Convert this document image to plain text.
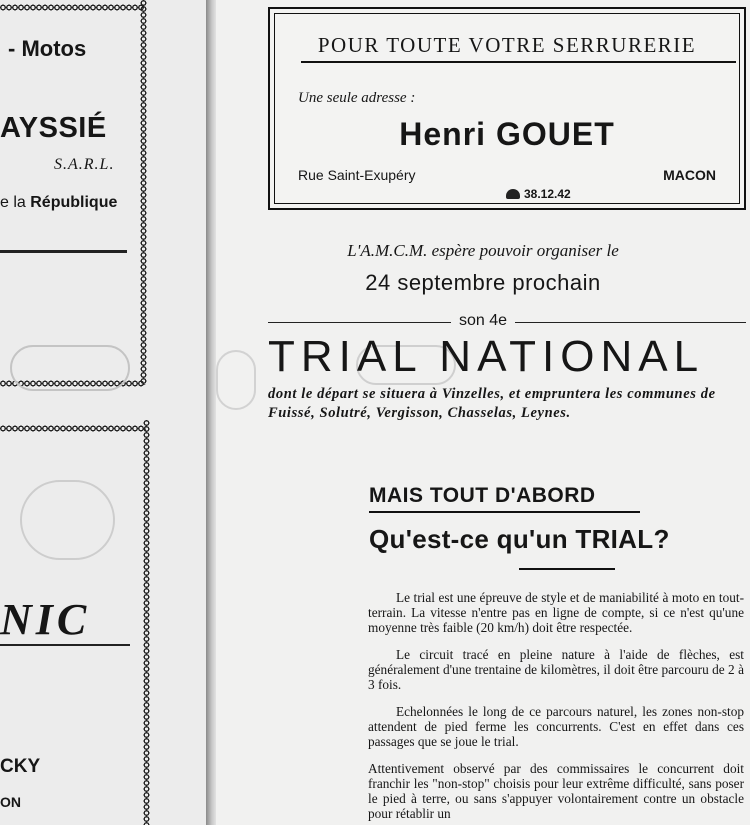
- Motos
AYSSIÉ
S.A.R.L.
e la République
NIC
CKY
ON
POUR TOUTE VOTRE SERRURERIE
Une seule adresse :
Henri GOUET
Rue Saint-Exupéry	MACON
38.12.42
L'A.M.C.M. espère pouvoir organiser le
24 septembre prochain
son 4e
TRIAL NATIONAL
dont le départ se situera à Vinzelles, et empruntera les communes de Fuissé, Solutré, Vergisson, Chasselas, Leynes.
MAIS TOUT D'ABORD
Qu'est-ce qu'un TRIAL?

Le trial est une épreuve de style et de maniabilité à moto en tout-terrain. La vitesse n'entre pas en ligne de compte, si ce n'est qu'une moyenne très faible (20 km/h) doit être respectée.

Le circuit tracé en pleine nature à l'aide de flèches, est généralement d'une trentaine de kilomètres, il doit être parcouru de 2 à 3 fois.

Echelonnées le long de ce parcours naturel, les zones non-stop attendent de pied ferme les concurrents. C'est en effet dans ces passages que se joue le trial.

Attentivement observé par des commissaires le concurrent doit franchir les "non-stop" choisis pour leur extrême difficulté, sans poser le pied à terre, ou sans s'appuyer volontairement contre un obstacle pour rétablir un
